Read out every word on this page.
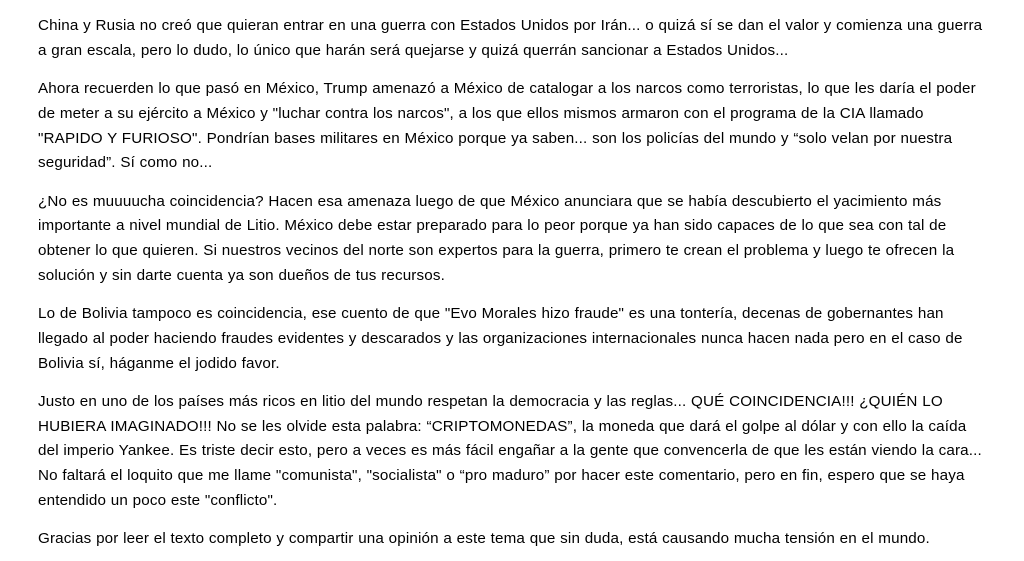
China y Rusia no creó que quieran entrar en una guerra con Estados Unidos por Irán... o quizá sí se dan el valor y comienza una guerra a gran escala, pero lo dudo, lo único que harán será quejarse y quizá querrán sancionar a Estados Unidos...

Ahora recuerden lo que pasó en México, Trump amenazó a México de catalogar a los narcos como terroristas, lo que les daría el poder de meter a su ejército a México y "luchar contra los narcos", a los que ellos mismos armaron con el programa de la CIA llamado "RAPIDO Y FURIOSO". Pondrían bases militares en México porque ya saben... son los policías del mundo y “solo velan por nuestra seguridad”. Sí como no...

¿No es muuuucha coincidencia? Hacen esa amenaza luego de que México anunciara que se había descubierto el yacimiento más importante a nivel mundial de Litio. México debe estar preparado para lo peor porque ya han sido capaces de lo que sea con tal de obtener lo que quieren. Si nuestros vecinos del norte son expertos para la guerra, primero te crean el problema y luego te ofrecen la solución y sin darte cuenta ya son dueños de tus recursos.

Lo de Bolivia tampoco es coincidencia, ese cuento de que "Evo Morales hizo fraude" es una tontería, decenas de gobernantes han llegado al poder haciendo fraudes evidentes y descarados y las organizaciones internacionales nunca hacen nada pero en el caso de Bolivia sí, háganme el jodido favor.

Justo en uno de los países más ricos en litio del mundo respetan la democracia y las reglas... QUÉ COINCIDENCIA!!! ¿QUIÉN LO HUBIERA IMAGINADO!!! No se les olvide esta palabra: “CRIPTOMONEDAS”, la moneda que dará el golpe al dólar y con ello la caída del imperio Yankee. Es triste decir esto, pero a veces es más fácil engañar a la gente que convencerla de que les están viendo la cara... No faltará el loquito que me llame "comunista", "socialista" o “pro maduro” por hacer este comentario, pero en fin, espero que se haya entendido un poco este "conflicto".

Gracias por leer el texto completo y compartir una opinión a este tema que sin duda, está causando mucha tensión en el mundo.
